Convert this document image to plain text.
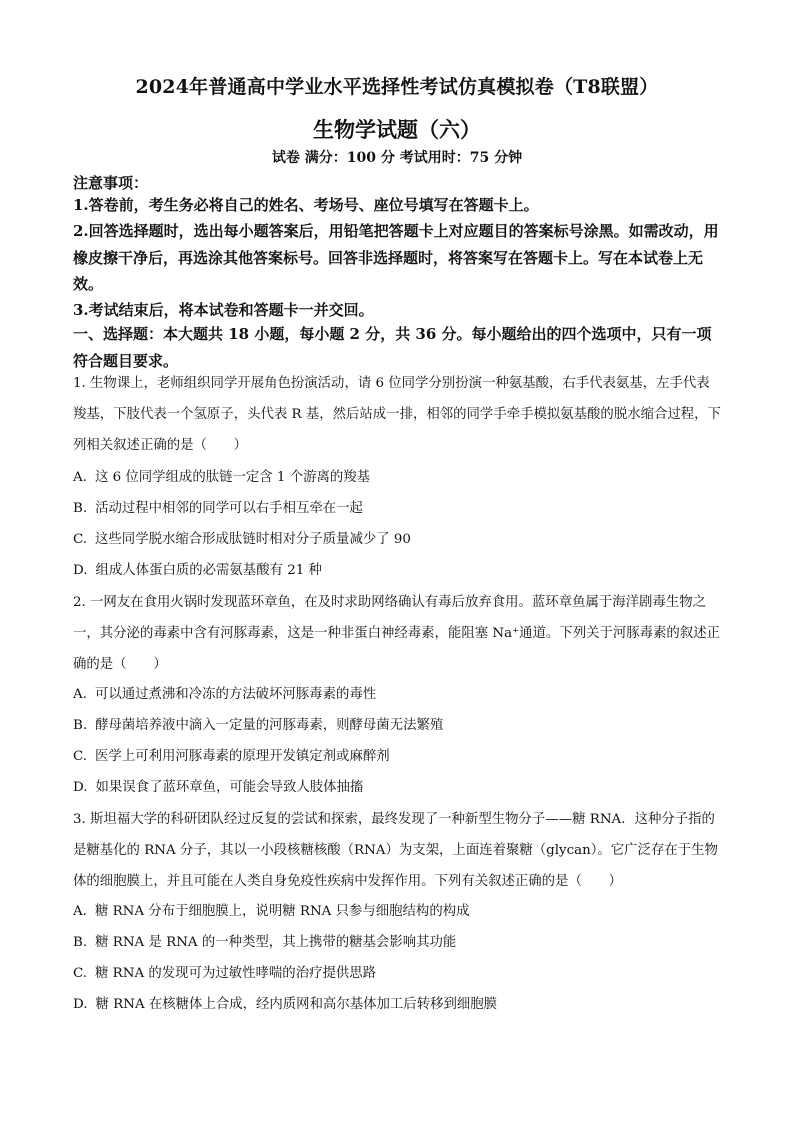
2024年普通高中学业水平选择性考试仿真模拟卷（T8联盟）
生物学试题（六）
试卷 满分：100 分 考试用时：75 分钟
注意事项：
1.答卷前，考生务必将自己的姓名、考场号、座位号填写在答题卡上。
2.回答选择题时，选出每小题答案后，用铅笔把答题卡上对应题目的答案标号涂黑。如需改动，用橡皮擦干净后，再选涂其他答案标号。回答非选择题时，将答案写在答题卡上。写在本试卷上无效。
3.考试结束后，将本试卷和答题卡一并交回。
一、选择题：本大题共 18 小题，每小题 2 分，共 36 分。每小题给出的四个选项中，只有一项符合题目要求。
1. 生物课上，老师组织同学开展角色扮演活动，请 6 位同学分别扮演一种氨基酸，右手代表氨基，左手代表羧基，下肢代表一个氢原子，头代表 R 基，然后站成一排，相邻的同学手牵手模拟氨基酸的脱水缩合过程，下列相关叙述正确的是（　　）
A. 这 6 位同学组成的肽链一定含 1 个游离的羧基
B. 活动过程中相邻的同学可以右手相互牵在一起
C. 这些同学脱水缩合形成肽链时相对分子质量减少了 90
D. 组成人体蛋白质的必需氨基酸有 21 种
2. 一网友在食用火锅时发现蓝环章鱼，在及时求助网络确认有毒后放弃食用。蓝环章鱼属于海洋剧毒生物之一，其分泌的毒素中含有河豚毒素，这是一种非蛋白神经毒素，能阻塞 Na⁺通道。下列关于河豚毒素的叙述正确的是（　　）
A. 可以通过煮沸和冷冻的方法破坏河豚毒素的毒性
B. 酵母菌培养液中滴入一定量的河豚毒素，则酵母菌无法繁殖
C. 医学上可利用河豚毒素的原理开发镇定剂或麻醉剂
D. 如果误食了蓝环章鱼，可能会导致人肢体抽搐
3. 斯坦福大学的科研团队经过反复的尝试和探索，最终发现了一种新型生物分子——糖 RNA．这种分子指的是糖基化的 RNA 分子，其以一小段核糖核酸（RNA）为支架，上面连着聚糖（glycan）。它广泛存在于生物体的细胞膜上，并且可能在人类自身免疫性疾病中发挥作用。下列有关叙述正确的是（　　）
A. 糖 RNA 分布于细胞膜上，说明糖 RNA 只参与细胞结构的构成
B. 糖 RNA 是 RNA 的一种类型，其上携带的糖基会影响其功能
C. 糖 RNA 的发现可为过敏性哮喘的治疗提供思路
D. 糖 RNA 在核糖体上合成，经内质网和高尔基体加工后转移到细胞膜
